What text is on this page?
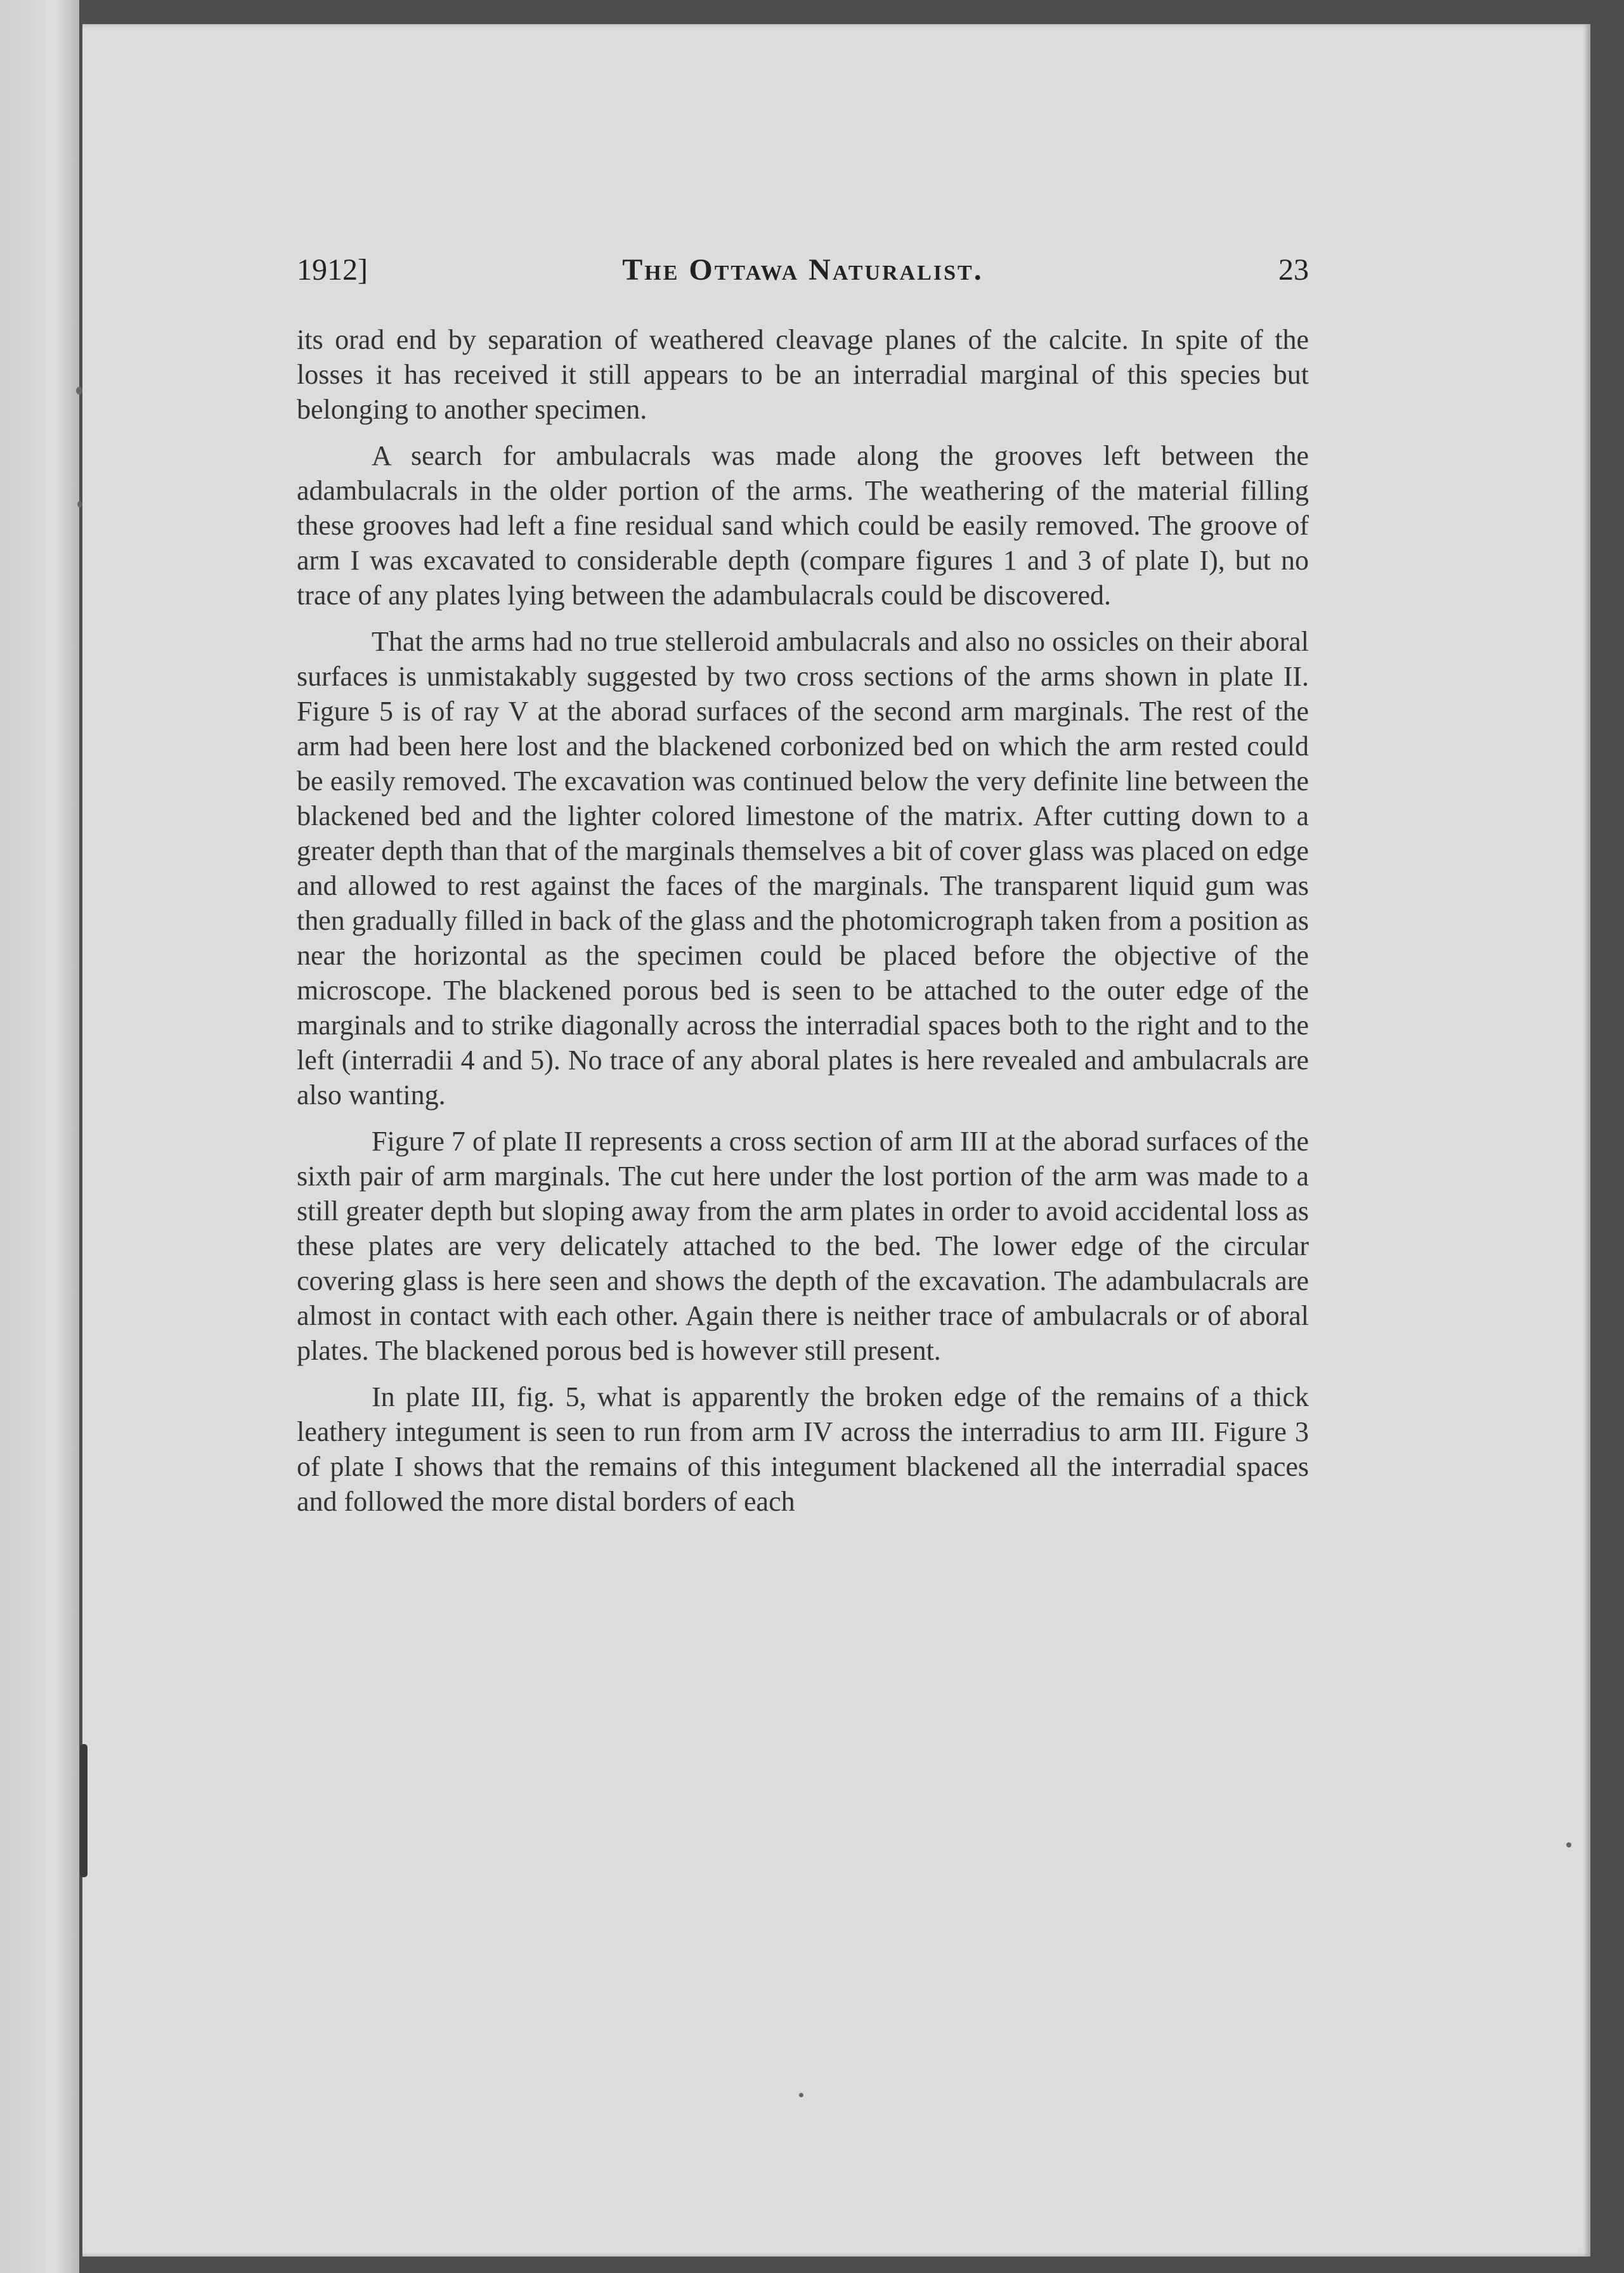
1912]	The Ottawa Naturalist.	23

its orad end by separation of weathered cleavage planes of the calcite. In spite of the losses it has received it still appears to be an interradial marginal of this species but belonging to another specimen.

A search for ambulacrals was made along the grooves left between the adambulacrals in the older portion of the arms. The weathering of the material filling these grooves had left a fine residual sand which could be easily removed. The groove of arm I was excavated to considerable depth (compare figures 1 and 3 of plate I), but no trace of any plates lying between the adambulacrals could be discovered.

That the arms had no true stelleroid ambulacrals and also no ossicles on their aboral surfaces is unmistakably suggested by two cross sections of the arms shown in plate II. Figure 5 is of ray V at the aborad surfaces of the second arm marginals. The rest of the arm had been here lost and the blackened corbonized bed on which the arm rested could be easily removed. The excavation was continued below the very definite line between the blackened bed and the lighter colored limestone of the matrix. After cutting down to a greater depth than that of the marginals themselves a bit of cover glass was placed on edge and allowed to rest against the faces of the marginals. The transparent liquid gum was then gradually filled in back of the glass and the photomicrograph taken from a position as near the horizontal as the specimen could be placed before the objective of the microscope. The blackened porous bed is seen to be attached to the outer edge of the marginals and to strike diagonally across the interradial spaces both to the right and to the left (interradii 4 and 5). No trace of any aboral plates is here revealed and ambulacrals are also wanting.

Figure 7 of plate II represents a cross section of arm III at the aborad surfaces of the sixth pair of arm marginals. The cut here under the lost portion of the arm was made to a still greater depth but sloping away from the arm plates in order to avoid accidental loss as these plates are very delicately attached to the bed. The lower edge of the circular covering glass is here seen and shows the depth of the excavation. The adambulacrals are almost in contact with each other. Again there is neither trace of ambulacrals or of aboral plates. The blackened porous bed is however still present.

In plate III, fig. 5, what is apparently the broken edge of the remains of a thick leathery integument is seen to run from arm IV across the interradius to arm III. Figure 3 of plate I shows that the remains of this integument blackened all the interradial spaces and followed the more distal borders of each
